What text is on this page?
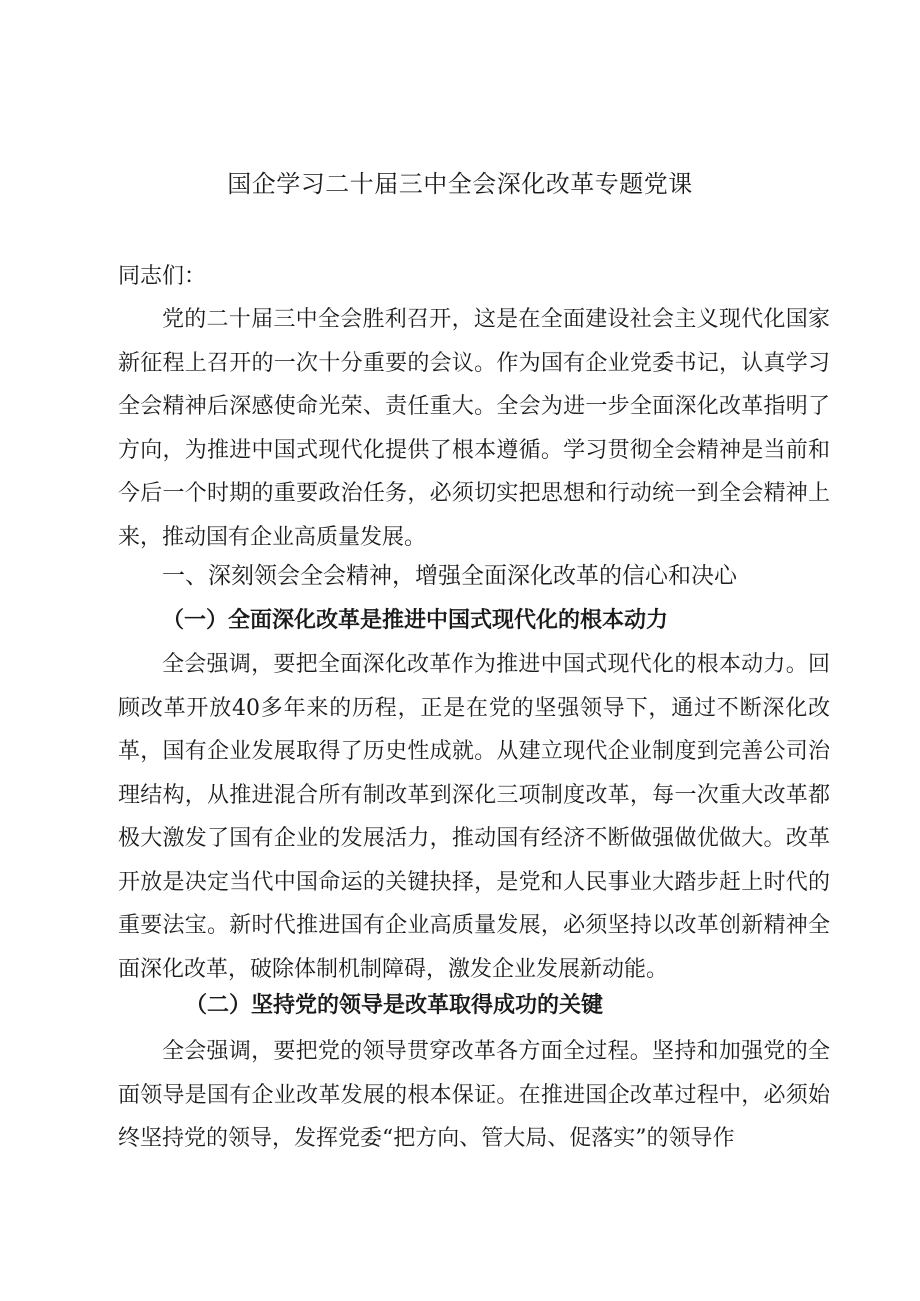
国企学习二十届三中全会深化改革专题党课

同志们：

党的二十届三中全会胜利召开，这是在全面建设社会主义现代化国家新征程上召开的一次十分重要的会议。作为国有企业党委书记，认真学习全会精神后深感使命光荣、责任重大。全会为进一步全面深化改革指明了方向，为推进中国式现代化提供了根本遵循。学习贯彻全会精神是当前和今后一个时期的重要政治任务，必须切实把思想和行动统一到全会精神上来，推动国有企业高质量发展。

一、深刻领会全会精神，增强全面深化改革的信心和决心
（一）全面深化改革是推进中国式现代化的根本动力

全会强调，要把全面深化改革作为推进中国式现代化的根本动力。回顾改革开放40多年来的历程，正是在党的坚强领导下，通过不断深化改革，国有企业发展取得了历史性成就。从建立现代企业制度到完善公司治理结构，从推进混合所有制改革到深化三项制度改革，每一次重大改革都极大激发了国有企业的发展活力，推动国有经济不断做强做优做大。改革开放是决定当代中国命运的关键抉择，是党和人民事业大踏步赶上时代的重要法宝。新时代推进国有企业高质量发展，必须坚持以改革创新精神全面深化改革，破除体制机制障碍，激发企业发展新动能。

（二）坚持党的领导是改革取得成功的关键

全会强调，要把党的领导贯穿改革各方面全过程。坚持和加强党的全面领导是国有企业改革发展的根本保证。在推进国企改革过程中，必须始终坚持党的领导，发挥党委“把方向、管大局、促落实”的领导作
